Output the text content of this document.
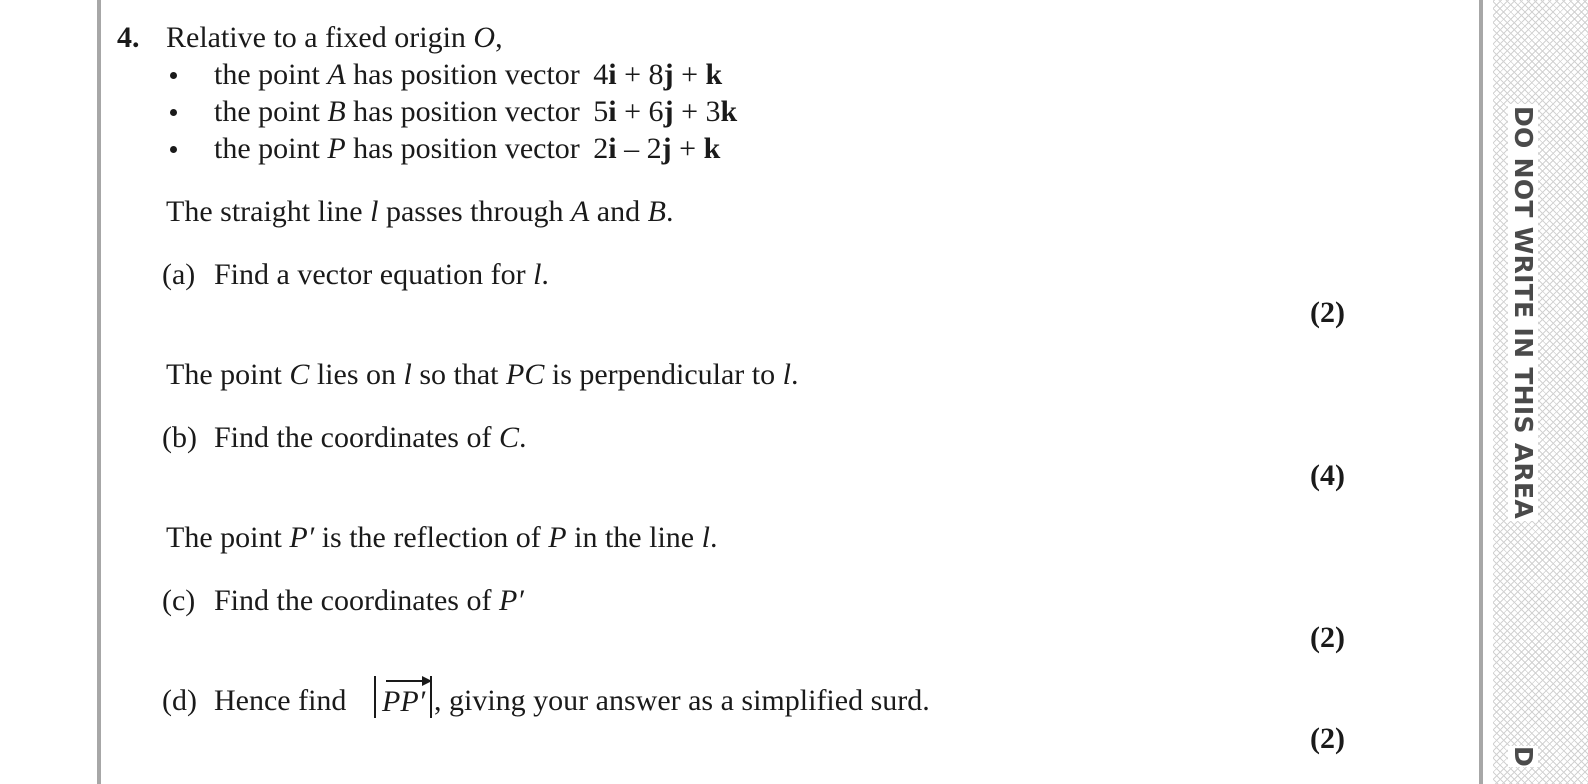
DO NOT WRITE IN THIS AREA
D
4. Relative to a fixed origin O,
the point A has position vector 4i + 8j + k
the point B has position vector 5i + 6j + 3k
the point P has position vector 2i – 2j + k
The straight line l passes through A and B.
(a) Find a vector equation for l.
(2)
The point C lies on l so that PC is perpendicular to l.
(b) Find the coordinates of C.
(4)
The point P′ is the reflection of P in the line l.
(c) Find the coordinates of P′
(2)
(d) Hence find PP′ , giving your answer as a simplified surd.
(2)
